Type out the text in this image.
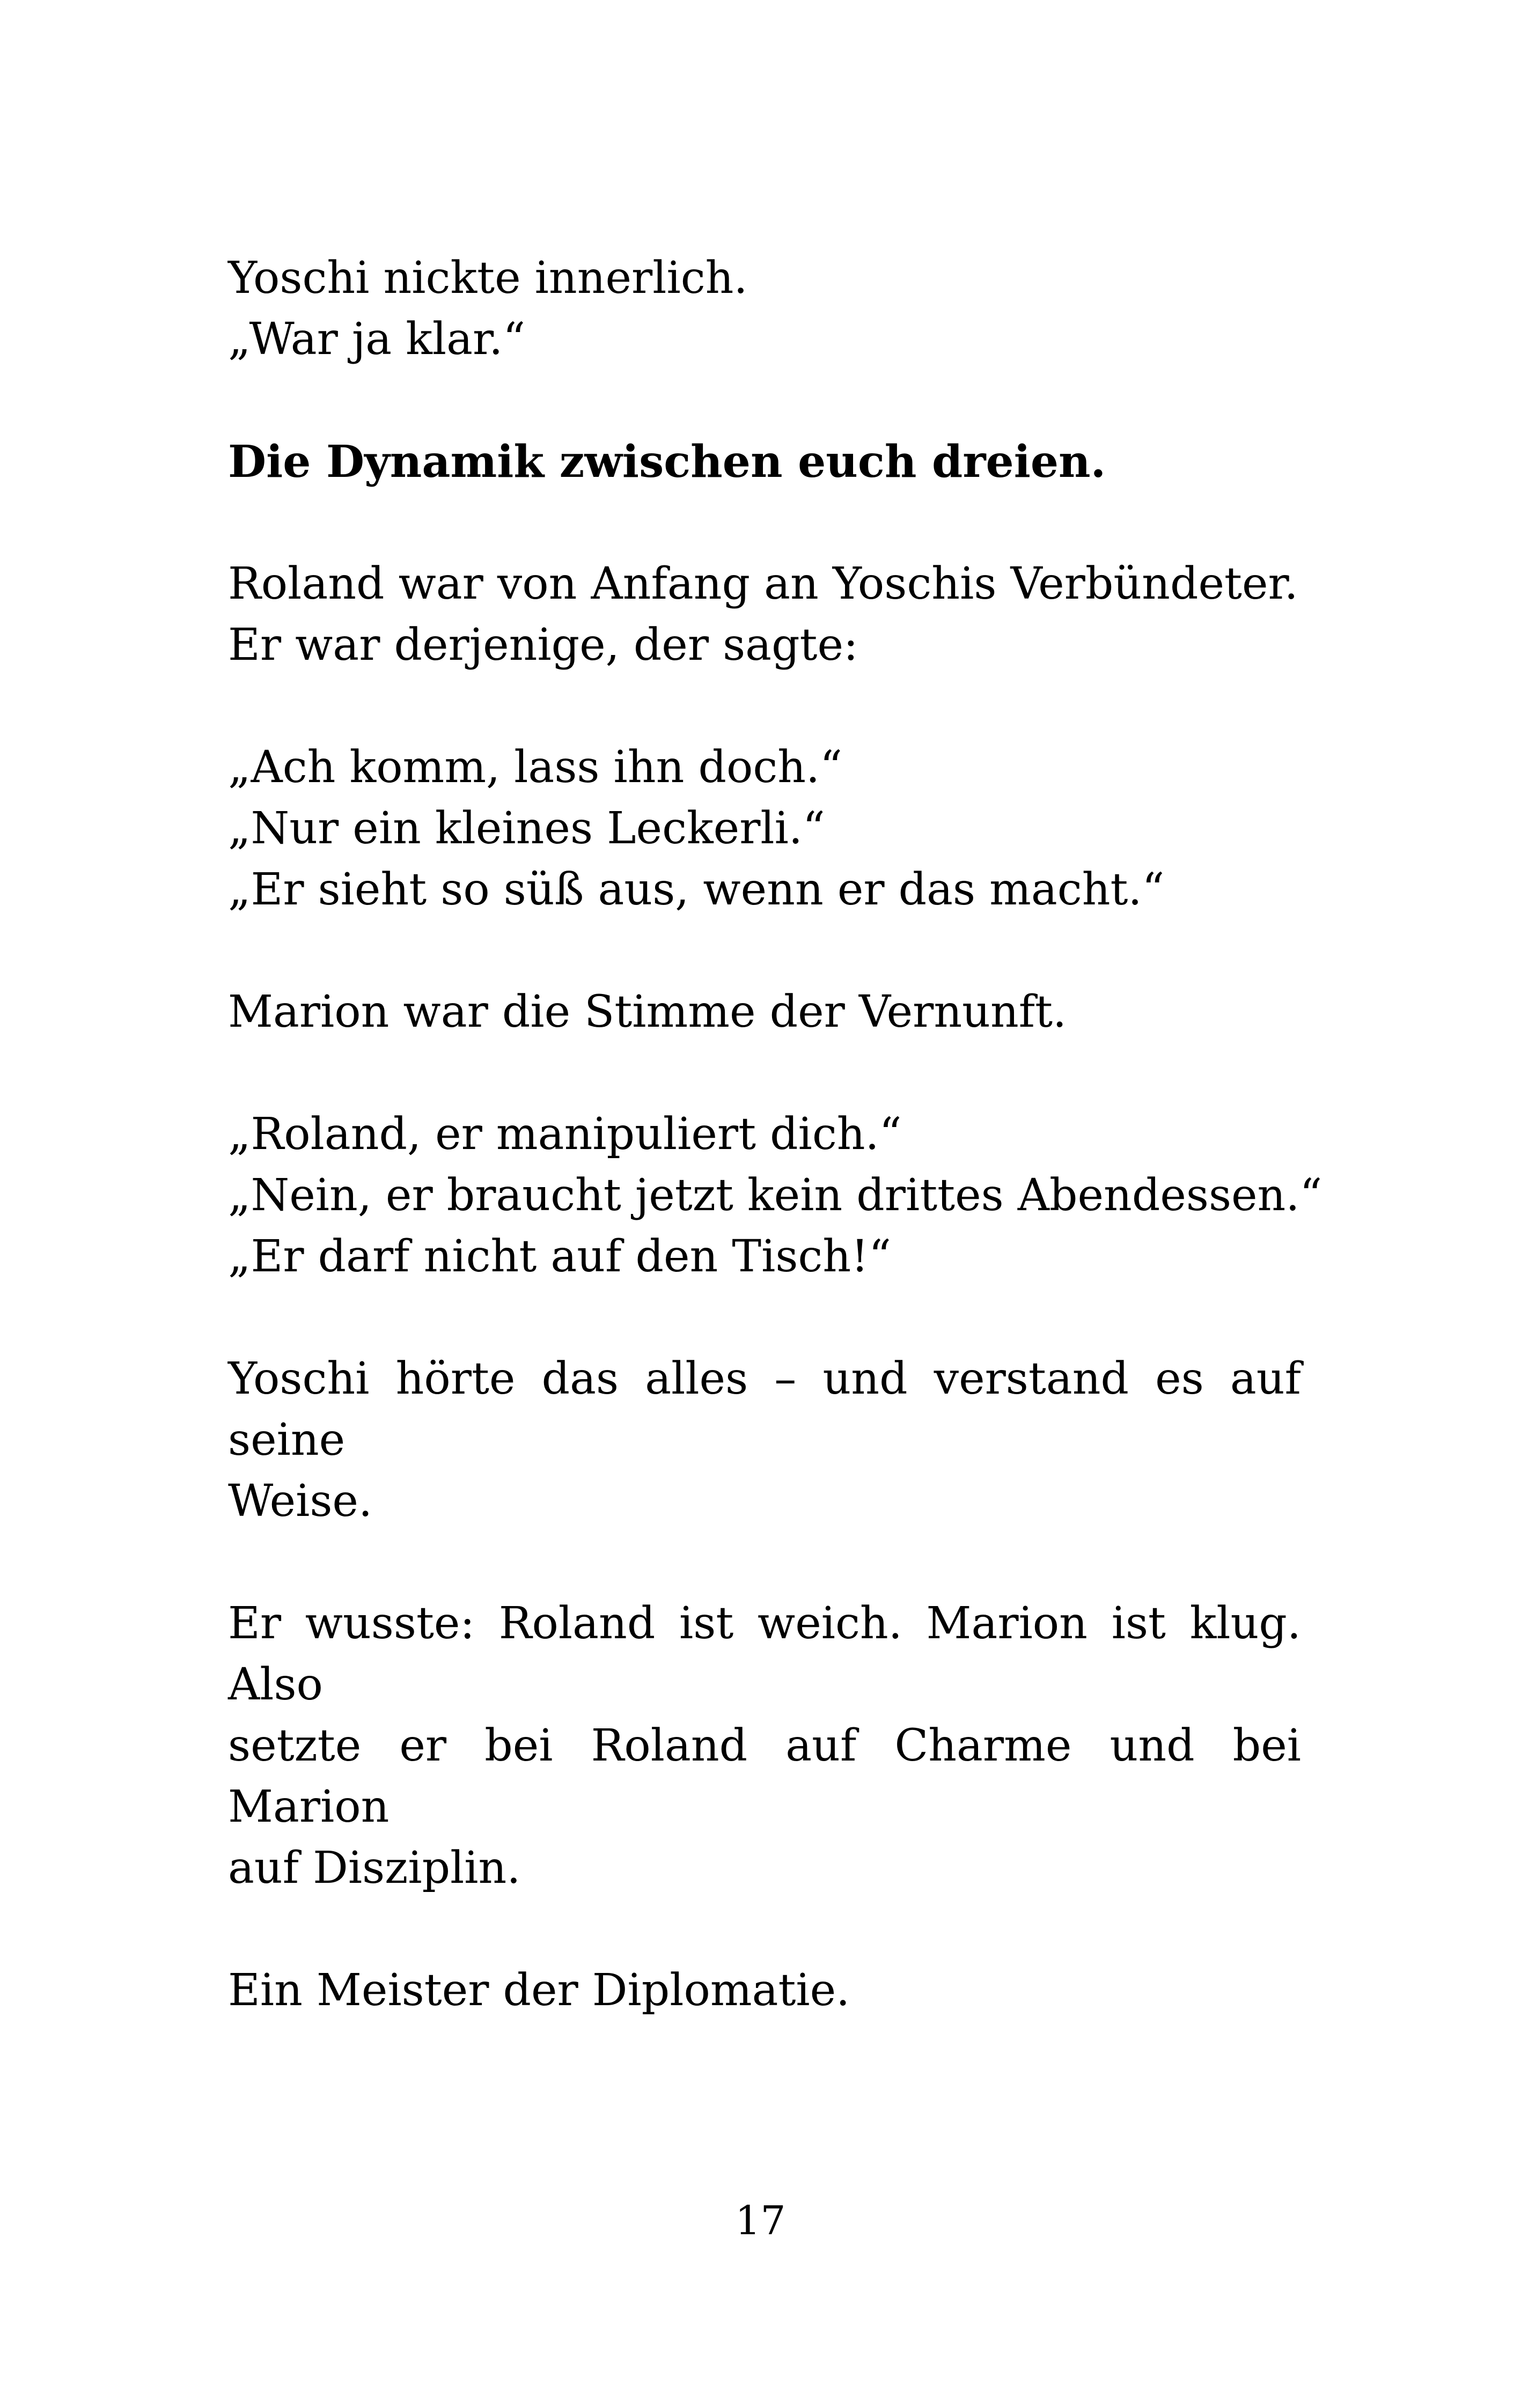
Yoschi nickte innerlich.
„War ja klar.“
Die Dynamik zwischen euch dreien.
Roland war von Anfang an Yoschis Verbündeter.
Er war derjenige, der sagte:
„Ach komm, lass ihn doch.“
„Nur ein kleines Leckerli.“
„Er sieht so süß aus, wenn er das macht.“
Marion war die Stimme der Vernunft.
„Roland, er manipuliert dich.“
„Nein, er braucht jetzt kein drittes Abendessen.“
„Er darf nicht auf den Tisch!“
Yoschi hörte das alles – und verstand es auf seine
Weise.
Er wusste: Roland ist weich. Marion ist klug. Also
setzte er bei Roland auf Charme und bei Marion
auf Disziplin.
Ein Meister der Diplomatie.
17
